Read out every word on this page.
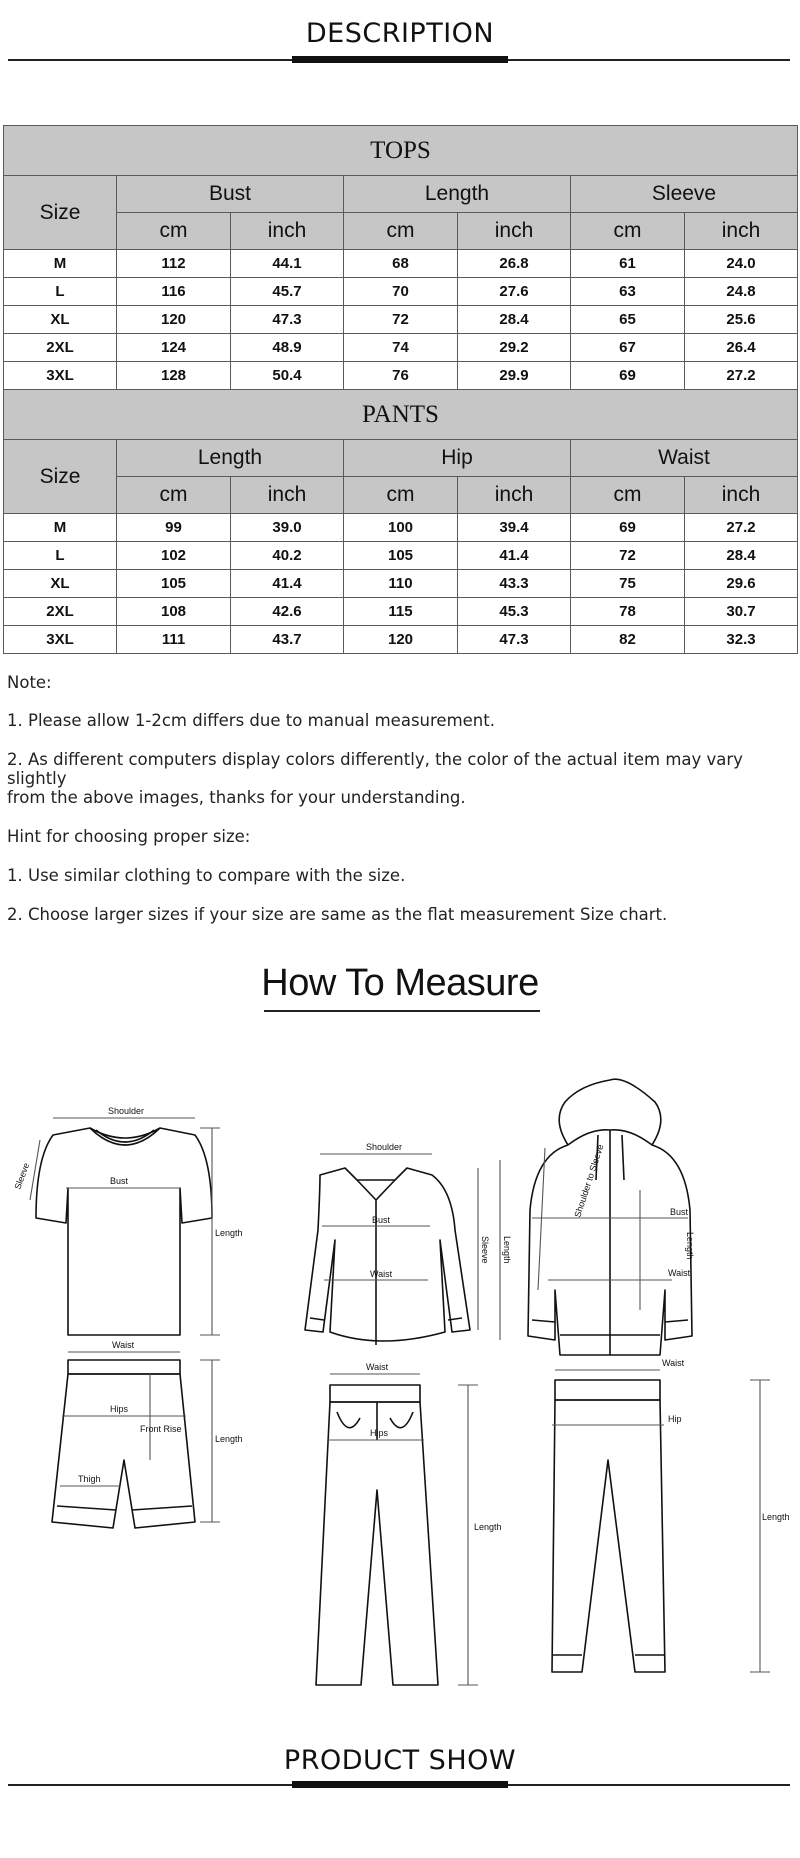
DESCRIPTION
TOPS						
Size	Bust		Length		Sleeve	
	cm	inch	cm	inch	cm	inch
M	112	44.1	68	26.8	61	24.0
L	116	45.7	70	27.6	63	24.8
XL	120	47.3	72	28.4	65	25.6
2XL	124	48.9	74	29.2	67	26.4
3XL	128	50.4	76	29.9	69	27.2
PANTS						
Size	Length		Hip		Waist	
	cm	inch	cm	inch	cm	inch
M	99	39.0	100	39.4	69	27.2
L	102	40.2	105	41.4	72	28.4
XL	105	41.4	110	43.3	75	29.6
2XL	108	42.6	115	45.3	78	30.7
3XL	111	43.7	120	47.3	82	32.3
Note:
1. Please allow 1-2cm differs due to manual measurement.
2. As different computers display colors differently, the color of the actual item may vary slightly
from the above images, thanks for your understanding.
Hint for choosing proper size:
1. Use similar clothing to compare with the size.
2. Choose larger sizes if your size are same as the flat measurement Size chart.
How To Measure
Shoulder
Sleeve	Bust
Length
Waist
Hips
Front Rise
Thigh
Length
Shoulder
Bust
Waist
Sleeve Length
Waist
Hips
Length
Shoulder to Sleeve	Bust
Length
Waist
Waist
Hip
Length
PRODUCT SHOW
